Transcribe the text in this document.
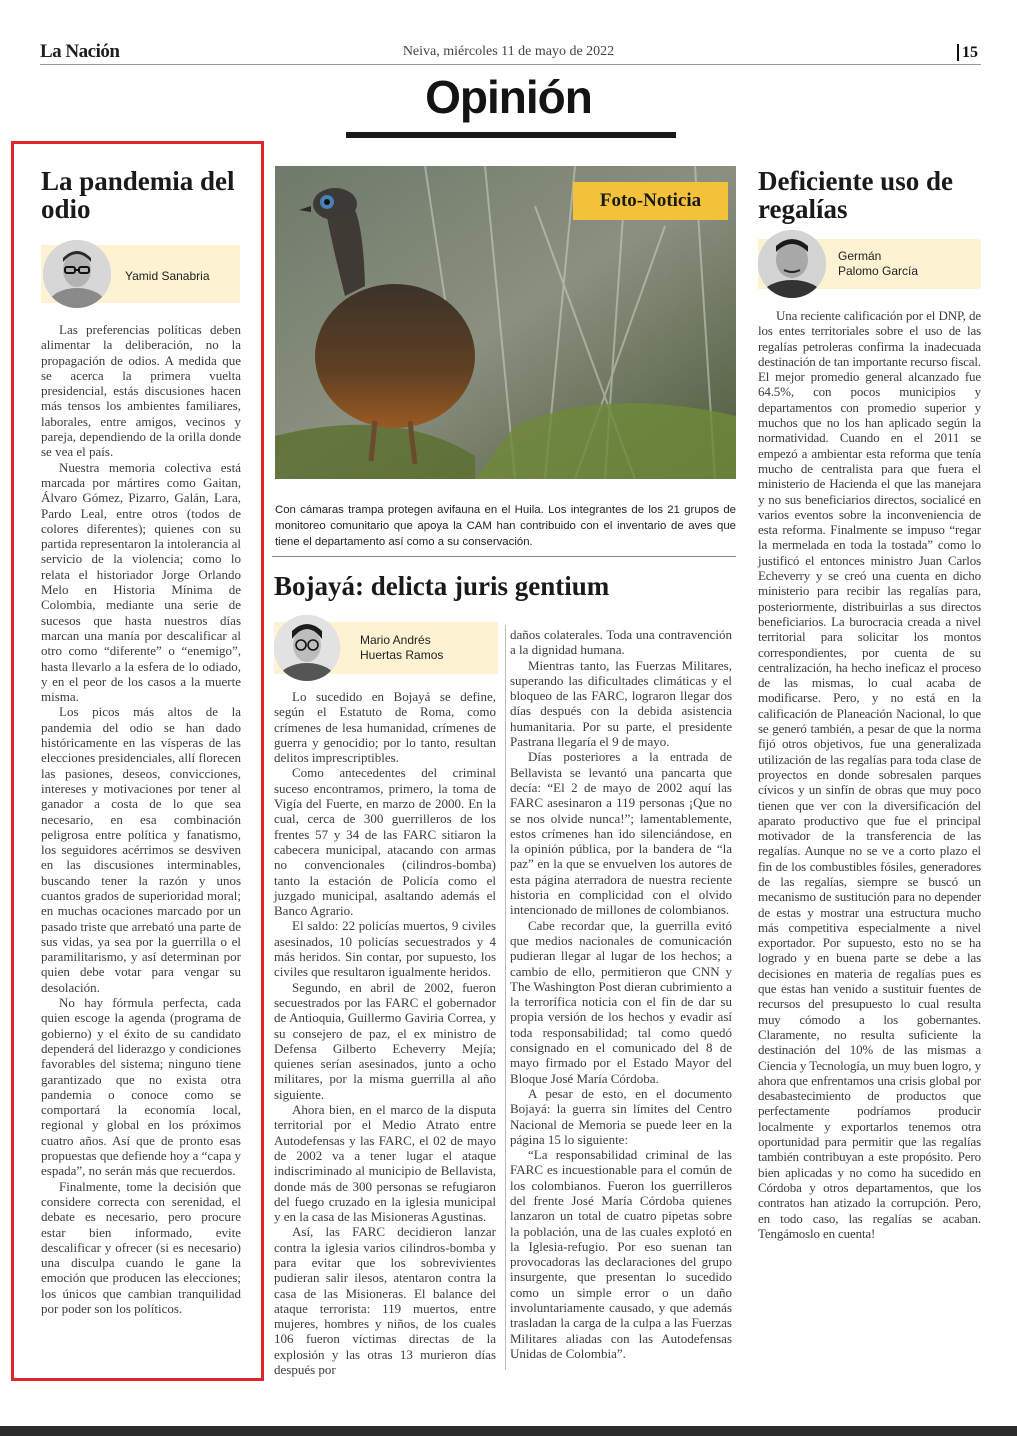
La Nación	Neiva, miércoles 11 de mayo de 2022	15
Opinión
La pandemia del odio
Yamid Sanabria

Las preferencias políticas deben alimentar la deliberación, no la propagación de odios. A medida que se acerca la primera vuelta presidencial, estás discusiones hacen más tensos los ambientes familiares, laborales, entre amigos, vecinos y pareja, dependiendo de la orilla donde se vea el país.

Nuestra memoria colectiva está marcada por mártires como Gaitan, Álvaro Gómez, Pizarro, Galán, Lara, Pardo Leal, entre otros (todos de colores diferentes); quienes con su partida representaron la intolerancia al servicio de la violencia; como lo relata el historiador Jorge Orlando Melo en Historia Mínima de Colombia, mediante una serie de sucesos que hasta nuestros días marcan una manía por descalificar al otro como “diferente” o “enemigo”, hasta llevarlo a la esfera de lo odiado, y en el peor de los casos a la muerte misma.

Los picos más altos de la pandemia del odio se han dado históricamente en las vísperas de las elecciones presidenciales, allí florecen las pasiones, deseos, convicciones, intereses y motivaciones por tener al ganador a costa de lo que sea necesario, en esa combinación peligrosa entre política y fanatismo, los seguidores acérrimos se desviven en las discusiones interminables, buscando tener la razón y unos cuantos grados de superioridad moral; en muchas ocaciones marcado por un pasado triste que arrebató una parte de sus vidas, ya sea por la guerrilla o el paramilitarismo, y así determinan por quien debe votar para vengar su desolación.

No hay fórmula perfecta, cada quien escoge la agenda (programa de gobierno) y el éxito de su candidato dependerá del liderazgo y condiciones favorables del sistema; ninguno tiene garantizado que no exista otra pandemia o conoce como se comportará la economía local, regional y global en los próximos cuatro años. Así que de pronto esas propuestas que defiende hoy a “capa y espada”, no serán más que recuerdos.

Finalmente, tome la decisión que considere correcta con serenidad, el debate es necesario, pero procure estar bien informado, evite descalificar y ofrecer (si es necesario) una disculpa cuando le gane la emoción que producen las elecciones; los únicos que cambian tranquilidad por poder son los políticos.

Foto-Noticia
Con cámaras trampa protegen avifauna en el Huila. Los integrantes de los 21 grupos de monitoreo comunitario que apoya la CAM han contribuido con el inventario de aves que tiene el departamento así como a su conservación.
Bojayá: delicta juris gentium
Mario Andrés
Huertas Ramos

Lo sucedido en Bojayá se define, según el Estatuto de Roma, como crímenes de lesa humanidad, crímenes de guerra y genocidio; por lo tanto, resultan delitos imprescriptibles.

Como antecedentes del criminal suceso encontramos, primero, la toma de Vigía del Fuerte, en marzo de 2000. En la cual, cerca de 300 guerrilleros de los frentes 57 y 34 de las FARC sitiaron la cabecera municipal, atacando con armas no convencionales (cilindros-bomba) tanto la estación de Policía como el juzgado municipal, asaltando además el Banco Agrario.

El saldo: 22 policías muertos, 9 civiles asesinados, 10 policías secuestrados y 4 más heridos. Sin contar, por supuesto, los civiles que resultaron igualmente heridos.

Segundo, en abril de 2002, fueron secuestrados por las FARC el gobernador de Antioquia, Guillermo Gaviria Correa, y su consejero de paz, el ex ministro de Defensa Gilberto Echeverry Mejía; quienes serían asesinados, junto a ocho militares, por la misma guerrilla al año siguiente.

Ahora bien, en el marco de la disputa territorial por el Medio Atrato entre Autodefensas y las FARC, el 02 de mayo de 2002 va a tener lugar el ataque indiscriminado al municipio de Bellavista, donde más de 300 personas se refugiaron del fuego cruzado en la iglesia municipal y en la casa de las Misioneras Agustinas.

Así, las FARC decidieron lanzar contra la iglesia varios cilindros-bomba y para evitar que los sobrevivientes pudieran salir ilesos, atentaron contra la casa de las Misioneras. El balance del ataque terrorista: 119 muertos, entre mujeres, hombres y niños, de los cuales 106 fueron víctimas directas de la explosión y las otras 13 murieron días después por

daños colaterales. Toda una contravención a la dignidad humana.

Mientras tanto, las Fuerzas Militares, superando las dificultades climáticas y el bloqueo de las FARC, lograron llegar dos días después con la debida asistencia humanitaria. Por su parte, el presidente Pastrana llegaría el 9 de mayo.

Días posteriores a la entrada de Bellavista se levantó una pancarta que decía: “El 2 de mayo de 2002 aquí las FARC asesinaron a 119 personas ¡Que no se nos olvide nunca!”; lamentablemente, estos crímenes han ido silenciándose, en la opinión pública, por la bandera de “la paz” en la que se envuelven los autores de esta página aterradora de nuestra reciente historia en complicidad con el olvido intencionado de millones de colombianos.

Cabe recordar que, la guerrilla evitó que medios nacionales de comunicación pudieran llegar al lugar de los hechos; a cambio de ello, permitieron que CNN y The Washington Post dieran cubrimiento a la terrorífica noticia con el fin de dar su propia versión de los hechos y evadir así toda responsabilidad; tal como quedó consignado en el comunicado del 8 de mayo firmado por el Estado Mayor del Bloque José María Córdoba.

A pesar de esto, en el documento Bojayá: la guerra sin límites del Centro Nacional de Memoria se puede leer en la página 15 lo siguiente:

“La responsabilidad criminal de las FARC es incuestionable para el común de los colombianos. Fueron los guerrilleros del frente José María Córdoba quienes lanzaron un total de cuatro pipetas sobre la población, una de las cuales explotó en la Iglesia-refugio. Por eso suenan tan provocadoras las declaraciones del grupo insurgente, que presentan lo sucedido como un simple error o un daño involuntariamente causado, y que además trasladan la carga de la culpa a las Fuerzas Militares aliadas con las Autodefensas Unidas de Colombia”.

Deficiente uso de regalías
Germán
Palomo García

Una reciente calificación por el DNP, de los entes territoriales sobre el uso de las regalías petroleras confirma la inadecuada destinación de tan importante recurso fiscal. El mejor promedio general alcanzado fue 64.5%, con pocos municipios y departamentos con promedio superior y muchos que no los han aplicado según la normatividad. Cuando en el 2011 se empezó a ambientar esta reforma que tenía mucho de centralista para que fuera el ministerio de Hacienda el que las manejara y no sus beneficiarios directos, socialicé en varios eventos sobre la inconveniencia de esta reforma. Finalmente se impuso “regar la mermelada en toda la tostada” como lo justificó el entonces ministro Juan Carlos Echeverry y se creó una cuenta en dicho ministerio para recibir las regalías para, posteriormente, distribuirlas a sus directos beneficiarios. La burocracia creada a nivel territorial para solicitar los montos correspondientes, por cuenta de su centralización, ha hecho ineficaz el proceso de las mismas, lo cual acaba de modificarse. Pero, y no está en la calificación de Planeación Nacional, lo que se generó también, a pesar de que la norma fijó otros objetivos, fue una generalizada utilización de las regalías para toda clase de proyectos en donde sobresalen parques cívicos y un sinfín de obras que muy poco tienen que ver con la diversificación del aparato productivo que fue el principal motivador de la transferencia de las regalías. Aunque no se ve a corto plazo el fin de los combustibles fósiles, generadores de las regalías, siempre se buscó un mecanismo de sustitución para no depender de estas y mostrar una estructura mucho más competitiva especialmente a nivel exportador. Por supuesto, esto no se ha logrado y en buena parte se debe a las decisiones en materia de regalías pues es que estas han venido a sustituir fuentes de recursos del presupuesto lo cual resulta muy cómodo a los gobernantes. Claramente, no resulta suficiente la destinación del 10% de las mismas a Ciencia y Tecnología, un muy buen logro, y ahora que enfrentamos una crisis global por desabastecimiento de productos que perfectamente podríamos producir localmente y exportarlos tenemos otra oportunidad para permitir que las regalías también contribuyan a este propósito. Pero bien aplicadas y no como ha sucedido en Córdoba y otros departamentos, que los contratos han atizado la corrupción. Pero, en todo caso, las regalías se acaban. Tengámoslo en cuenta!
